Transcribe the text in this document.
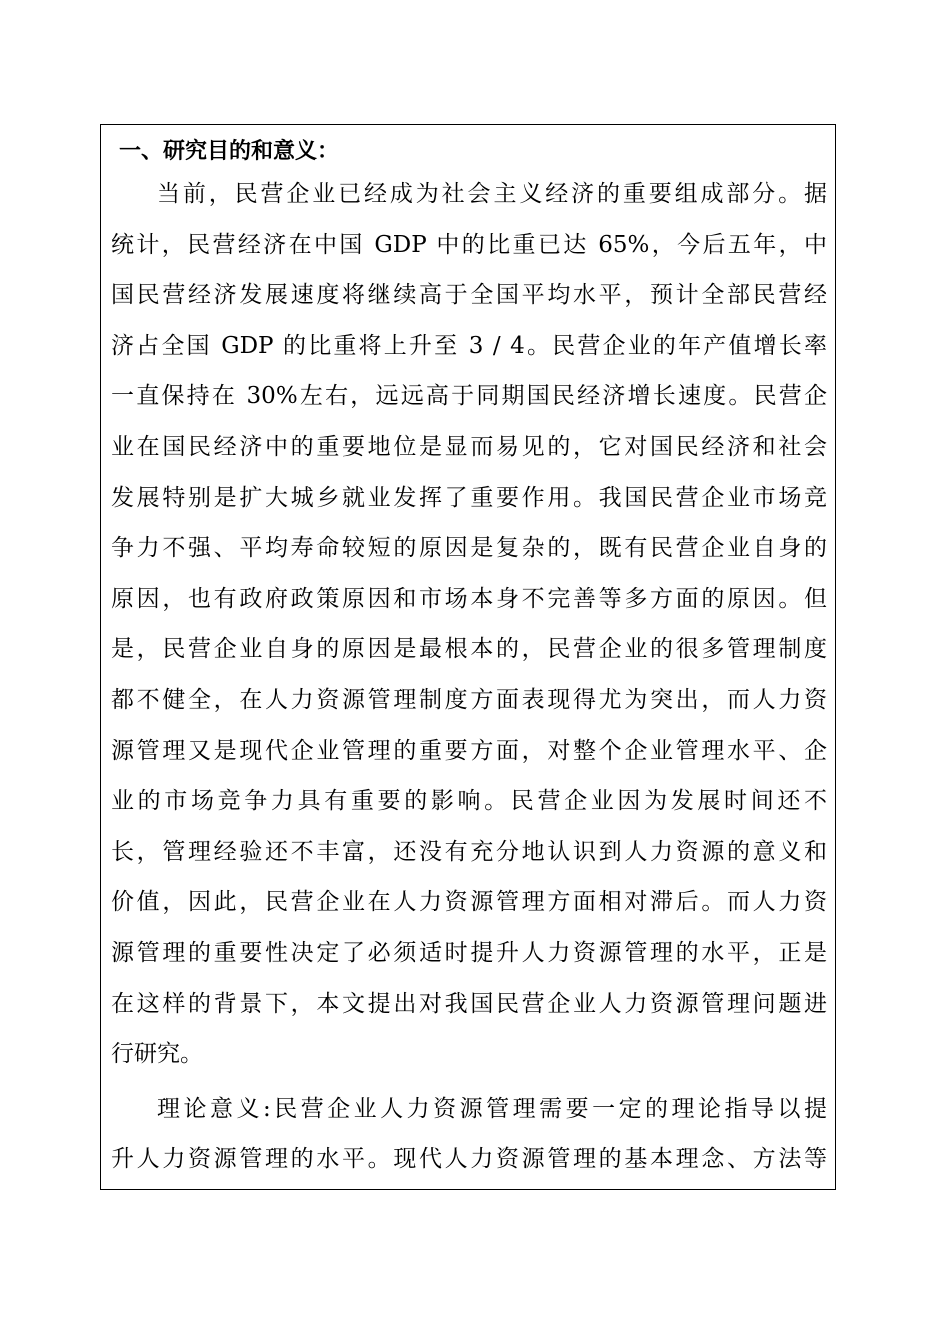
一、研究目的和意义：
当前，民营企业已经成为社会主义经济的重要组成部分。据
统计，民营经济在中国 GDP 中的比重已达 65%，今后五年，中
国民营经济发展速度将继续高于全国平均水平，预计全部民营经
济占全国 GDP 的比重将上升至 3 / 4。民营企业的年产值增长率
一直保持在 30%左右，远远高于同期国民经济增长速度。民营企
业在国民经济中的重要地位是显而易见的，它对国民经济和社会
发展特别是扩大城乡就业发挥了重要作用。我国民营企业市场竞
争力不强、平均寿命较短的原因是复杂的，既有民营企业自身的
原因，也有政府政策原因和市场本身不完善等多方面的原因。但
是，民营企业自身的原因是最根本的，民营企业的很多管理制度
都不健全，在人力资源管理制度方面表现得尤为突出，而人力资
源管理又是现代企业管理的重要方面，对整个企业管理水平、企
业的市场竞争力具有重要的影响。民营企业因为发展时间还不
长，管理经验还不丰富，还没有充分地认识到人力资源的意义和
价值，因此，民营企业在人力资源管理方面相对滞后。而人力资
源管理的重要性决定了必须适时提升人力资源管理的水平，正是
在这样的背景下，本文提出对我国民营企业人力资源管理问题进
行研究。
理论意义:民营企业人力资源管理需要一定的理论指导以提
升人力资源管理的水平。现代人力资源管理的基本理念、方法等
